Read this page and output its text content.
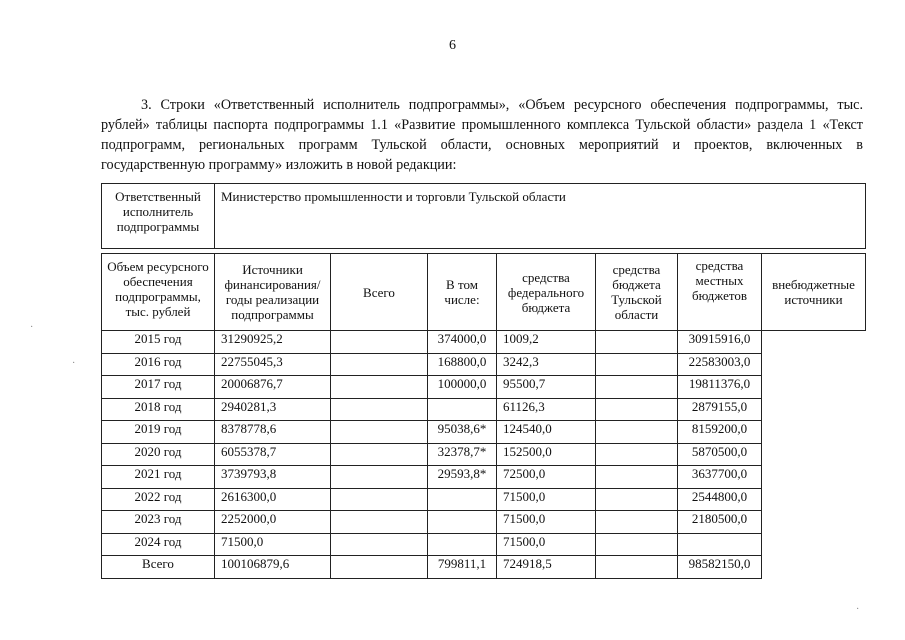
6

3. Строки «Ответственный исполнитель подпрограммы», «Объем ресурсного обеспечения подпрограммы, тыс. рублей» таблицы паспорта подпрограммы 1.1 «Развитие промышленного комплекса Тульской области» раздела 1 «Текст подпрограмм, региональных программ Тульской области, основных мероприятий и проектов, включенных в государственную программу» изложить в новой редакции:

Ответственный исполнитель подпрограммы	Министерство промышленности и торговли Тульской области						

Объем ресурсного обеспечения подпрограммы, тыс. рублей	Источники финансирования/ годы реализации подпрограммы	Всего	В том числе:	средства федерального бюджета	средства бюджета Тульской области	средства местных бюджетов	внебюджетные источники
2015 год	31290925,2		374000,0	1009,2		30915916,0	
2016 год	22755045,3		168800,0	3242,3		22583003,0	
2017 год	20006876,7		100000,0	95500,7		19811376,0	
2018 год	2940281,3			61126,3		2879155,0	
2019 год	8378778,6		95038,6*	124540,0		8159200,0	
2020 год	6055378,7		32378,7*	152500,0		5870500,0	
2021 год	3739793,8		29593,8*	72500,0		3637700,0	
2022 год	2616300,0			71500,0		2544800,0	
2023 год	2252000,0			71500,0		2180500,0	
2024 год	71500,0			71500,0			
Всего	100106879,6		799811,1	724918,5		98582150,0	
·
·
·
